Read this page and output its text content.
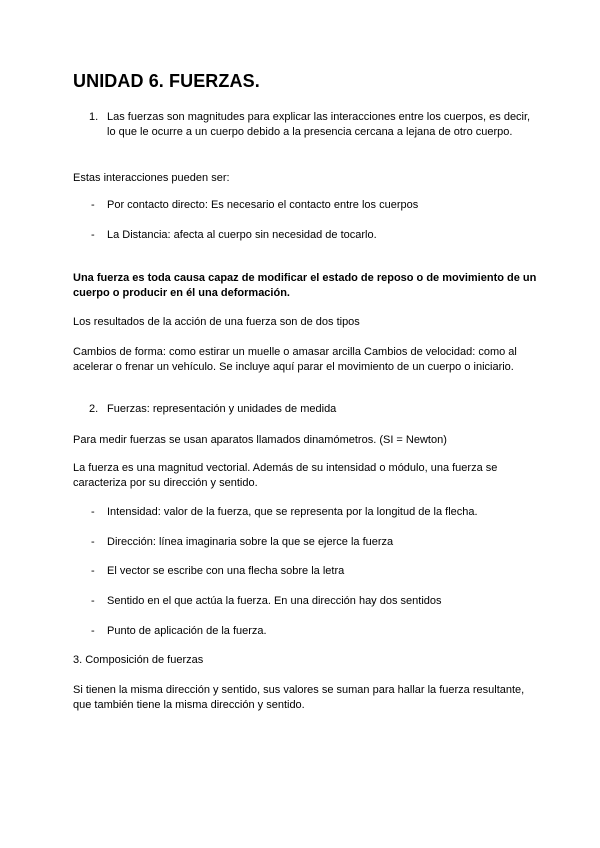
UNIDAD 6. FUERZAS.
1. Las fuerzas son magnitudes para explicar las interacciones entre los cuerpos, es decir, lo que le ocurre a un cuerpo debido a la presencia cercana a lejana de otro cuerpo.
Estas interacciones pueden ser:
- Por contacto directo: Es necesario el contacto entre los cuerpos
- La Distancia: afecta al cuerpo sin necesidad de tocarlo.
Una fuerza es toda causa capaz de modificar el estado de reposo o de movimiento de un cuerpo o producir en él una deformación.
Los resultados de la acción de una fuerza son de dos tipos
Cambios de forma: como estirar un muelle o amasar arcilla Cambios de velocidad: como al acelerar o frenar un vehículo. Se incluye aquí parar el movimiento de un cuerpo o iniciario.
2. Fuerzas: representación y unidades de medida
Para medir fuerzas se usan aparatos llamados dinamómetros. (SI = Newton)
La fuerza es una magnitud vectorial. Además de su intensidad o módulo, una fuerza se caracteriza por su dirección y sentido.
- Intensidad: valor de la fuerza, que se representa por la longitud de la flecha.
- Dirección: línea imaginaria sobre la que se ejerce la fuerza
- El vector se escribe con una flecha sobre la letra
- Sentido en el que actúa la fuerza. En una dirección hay dos sentidos
- Punto de aplicación de la fuerza.
3. Composición de fuerzas
Si tienen la misma dirección y sentido, sus valores se suman para hallar la fuerza resultante, que también tiene la misma dirección y sentido.
